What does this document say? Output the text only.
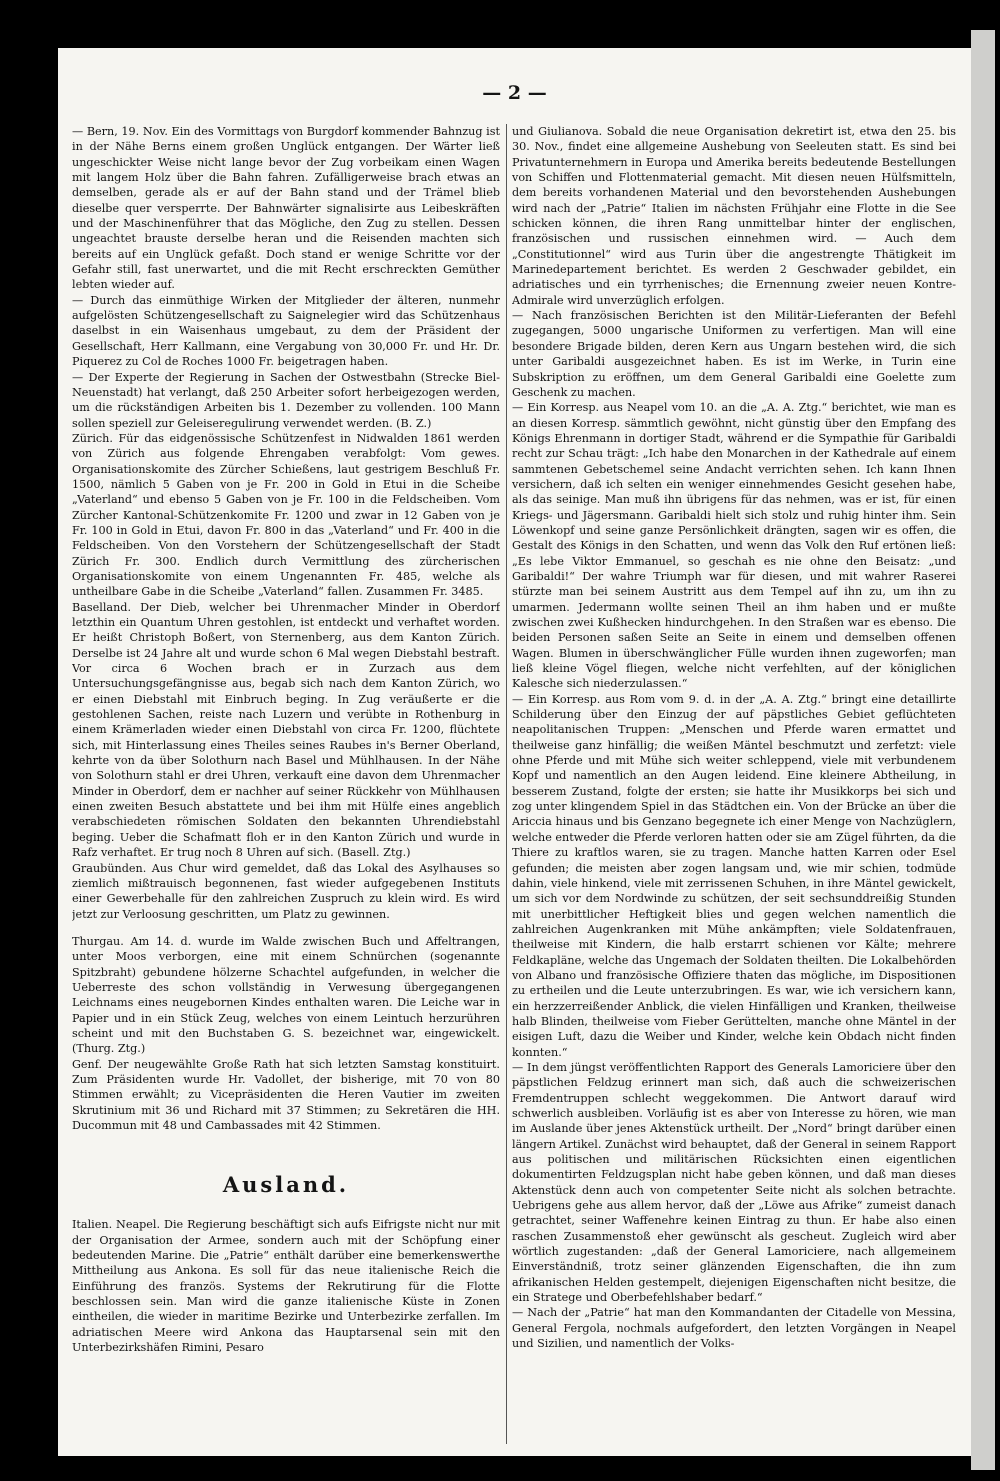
— 2 —

— Bern, 19. Nov. Ein des Vormittags von Burgdorf kommender Bahnzug ist in der Nähe Berns einem großen Unglück entgangen. Der Wärter ließ ungeschickter Weise nicht lange bevor der Zug vorbeikam einen Wagen mit langem Holz über die Bahn fahren. Zufälligerweise brach etwas an demselben, gerade als er auf der Bahn stand und der Trämel blieb dieselbe quer versperrte. Der Bahnwärter signalisirte aus Leibeskräften und der Maschinenführer that das Mögliche, den Zug zu stellen. Dessen ungeachtet brauste derselbe heran und die Reisenden machten sich bereits auf ein Unglück gefaßt. Doch stand er wenige Schritte vor der Gefahr still, fast unerwartet, und die mit Recht erschreckten Gemüther lebten wieder auf.

— Durch das einmüthige Wirken der Mitglieder der älteren, nunmehr aufgelösten Schützengesellschaft zu Saignelegier wird das Schützenhaus daselbst in ein Waisenhaus umgebaut, zu dem der Präsident der Gesellschaft, Herr Kallmann, eine Vergabung von 30,000 Fr. und Hr. Dr. Piquerez zu Col de Roches 1000 Fr. beigetragen haben.

— Der Experte der Regierung in Sachen der Ostwestbahn (Strecke Biel-Neuenstadt) hat verlangt, daß 250 Arbeiter sofort herbeigezogen werden, um die rückständigen Arbeiten bis 1. Dezember zu vollenden. 100 Mann sollen speziell zur Geleiseregulirung verwendet werden. (B. Z.)

Zürich. Für das eidgenössische Schützenfest in Nidwalden 1861 werden von Zürich aus folgende Ehrengaben verabfolgt: Vom gewes. Organisationskomite des Zürcher Schießens, laut gestrigem Beschluß Fr. 1500, nämlich 5 Gaben von je Fr. 200 in Gold in Etui in die Scheibe „Vaterland“ und ebenso 5 Gaben von je Fr. 100 in die Feldscheiben. Vom Zürcher Kantonal-Schützenkomite Fr. 1200 und zwar in 12 Gaben von je Fr. 100 in Gold in Etui, davon Fr. 800 in das „Vaterland“ und Fr. 400 in die Feldscheiben. Von den Vorstehern der Schützengesellschaft der Stadt Zürich Fr. 300. Endlich durch Vermittlung des zürcherischen Organisationskomite von einem Ungenannten Fr. 485, welche als untheilbare Gabe in die Scheibe „Vaterland“ fallen. Zusammen Fr. 3485.

Baselland. Der Dieb, welcher bei Uhrenmacher Minder in Oberdorf letzthin ein Quantum Uhren gestohlen, ist entdeckt und verhaftet worden. Er heißt Christoph Boßert, von Sternenberg, aus dem Kanton Zürich. Derselbe ist 24 Jahre alt und wurde schon 6 Mal wegen Diebstahl bestraft. Vor circa 6 Wochen brach er in Zurzach aus dem Untersuchungsgefängnisse aus, begab sich nach dem Kanton Zürich, wo er einen Diebstahl mit Einbruch beging. In Zug veräußerte er die gestohlenen Sachen, reiste nach Luzern und verübte in Rothenburg in einem Krämerladen wieder einen Diebstahl von circa Fr. 1200, flüchtete sich, mit Hinterlassung eines Theiles seines Raubes in's Berner Oberland, kehrte von da über Solothurn nach Basel und Mühlhausen. In der Nähe von Solothurn stahl er drei Uhren, verkauft eine davon dem Uhrenmacher Minder in Oberdorf, dem er nachher auf seiner Rückkehr von Mühlhausen einen zweiten Besuch abstattete und bei ihm mit Hülfe eines angeblich verabschiedeten römischen Soldaten den bekannten Uhrendiebstahl beging. Ueber die Schafmatt floh er in den Kanton Zürich und wurde in Rafz verhaftet. Er trug noch 8 Uhren auf sich. (Basell. Ztg.)

Graubünden. Aus Chur wird gemeldet, daß das Lokal des Asylhauses so ziemlich mißtrauisch begonnenen, fast wieder aufgegebenen Instituts einer Gewerbehalle für den zahlreichen Zuspruch zu klein wird. Es wird jetzt zur Verloosung geschritten, um Platz zu gewinnen.

Thurgau. Am 14. d. wurde im Walde zwischen Buch und Affeltrangen, unter Moos verborgen, eine mit einem Schnürchen (sogenannte Spitzbraht) gebundene hölzerne Schachtel aufgefunden, in welcher die Ueberreste des schon vollständig in Verwesung übergegangenen Leichnams eines neugebornen Kindes enthalten waren. Die Leiche war in Papier und in ein Stück Zeug, welches von einem Leintuch herzurühren scheint und mit den Buchstaben G. S. bezeichnet war, eingewickelt. (Thurg. Ztg.)

Genf. Der neugewählte Große Rath hat sich letzten Samstag konstituirt. Zum Präsidenten wurde Hr. Vadollet, der bisherige, mit 70 von 80 Stimmen erwählt; zu Vicepräsidenten die Heren Vautier im zweiten Skrutinium mit 36 und Richard mit 37 Stimmen; zu Sekretären die HH. Ducommun mit 48 und Cambassades mit 42 Stimmen.

Ausland.

Italien. Neapel. Die Regierung beschäftigt sich aufs Eifrigste nicht nur mit der Organisation der Armee, sondern auch mit der Schöpfung einer bedeutenden Marine. Die „Patrie“ enthält darüber eine bemerkenswerthe Mittheilung aus Ankona. Es soll für das neue italienische Reich die Einführung des französ. Systems der Rekrutirung für die Flotte beschlossen sein. Man wird die ganze italienische Küste in Zonen eintheilen, die wieder in maritime Bezirke und Unterbezirke zerfallen. Im adriatischen Meere wird Ankona das Hauptarsenal sein mit den Unterbezirkshäfen Rimini, Pesaro

und Giulianova. Sobald die neue Organisation dekretirt ist, etwa den 25. bis 30. Nov., findet eine allgemeine Aushebung von Seeleuten statt. Es sind bei Privatunternehmern in Europa und Amerika bereits bedeutende Bestellungen von Schiffen und Flottenmaterial gemacht. Mit diesen neuen Hülfsmitteln, dem bereits vorhandenen Material und den bevorstehenden Aushebungen wird nach der „Patrie“ Italien im nächsten Frühjahr eine Flotte in die See schicken können, die ihren Rang unmittelbar hinter der englischen, französischen und russischen einnehmen wird. — Auch dem „Constitutionnel“ wird aus Turin über die angestrengte Thätigkeit im Marinedepartement berichtet. Es werden 2 Geschwader gebildet, ein adriatisches und ein tyrrhenisches; die Ernennung zweier neuen Kontre-Admirale wird unverzüglich erfolgen.

— Nach französischen Berichten ist den Militär-Lieferanten der Befehl zugegangen, 5000 ungarische Uniformen zu verfertigen. Man will eine besondere Brigade bilden, deren Kern aus Ungarn bestehen wird, die sich unter Garibaldi ausgezeichnet haben. Es ist im Werke, in Turin eine Subskription zu eröffnen, um dem General Garibaldi eine Goelette zum Geschenk zu machen.

— Ein Korresp. aus Neapel vom 10. an die „A. A. Ztg.“ berichtet, wie man es an diesen Korresp. sämmtlich gewöhnt, nicht günstig über den Empfang des Königs Ehrenmann in dortiger Stadt, während er die Sympathie für Garibaldi recht zur Schau trägt: „Ich habe den Monarchen in der Kathedrale auf einem sammtenen Gebetschemel seine Andacht verrichten sehen. Ich kann Ihnen versichern, daß ich selten ein weniger einnehmendes Gesicht gesehen habe, als das seinige. Man muß ihn übrigens für das nehmen, was er ist, für einen Kriegs- und Jägersmann. Garibaldi hielt sich stolz und ruhig hinter ihm. Sein Löwenkopf und seine ganze Persönlichkeit drängten, sagen wir es offen, die Gestalt des Königs in den Schatten, und wenn das Volk den Ruf ertönen ließ: „Es lebe Viktor Emmanuel, so geschah es nie ohne den Beisatz: „und Garibaldi!“ Der wahre Triumph war für diesen, und mit wahrer Raserei stürzte man bei seinem Austritt aus dem Tempel auf ihn zu, um ihn zu umarmen. Jedermann wollte seinen Theil an ihm haben und er mußte zwischen zwei Kußhecken hindurchgehen. In den Straßen war es ebenso. Die beiden Personen saßen Seite an Seite in einem und demselben offenen Wagen. Blumen in überschwänglicher Fülle wurden ihnen zugeworfen; man ließ kleine Vögel fliegen, welche nicht verfehlten, auf der königlichen Kalesche sich niederzulassen.“

— Ein Korresp. aus Rom vom 9. d. in der „A. A. Ztg.“ bringt eine detaillirte Schilderung über den Einzug der auf päpstliches Gebiet geflüchteten neapolitanischen Truppen: „Menschen und Pferde waren ermattet und theilweise ganz hinfällig; die weißen Mäntel beschmutzt und zerfetzt: viele ohne Pferde und mit Mühe sich weiter schleppend, viele mit verbundenem Kopf und namentlich an den Augen leidend. Eine kleinere Abtheilung, in besserem Zustand, folgte der ersten; sie hatte ihr Musikkorps bei sich und zog unter klingendem Spiel in das Städtchen ein. Von der Brücke an über die Ariccia hinaus und bis Genzano begegnete ich einer Menge von Nachzüglern, welche entweder die Pferde verloren hatten oder sie am Zügel führten, da die Thiere zu kraftlos waren, sie zu tragen. Manche hatten Karren oder Esel gefunden; die meisten aber zogen langsam und, wie mir schien, todmüde dahin, viele hinkend, viele mit zerrissenen Schuhen, in ihre Mäntel gewickelt, um sich vor dem Nordwinde zu schützen, der seit sechsunddreißig Stunden mit unerbittlicher Heftigkeit blies und gegen welchen namentlich die zahlreichen Augenkranken mit Mühe ankämpften; viele Soldatenfrauen, theilweise mit Kindern, die halb erstarrt schienen vor Kälte; mehrere Feldkapläne, welche das Ungemach der Soldaten theilten. Die Lokalbehörden von Albano und französische Offiziere thaten das mögliche, im Dispositionen zu ertheilen und die Leute unterzubringen. Es war, wie ich versichern kann, ein herzzerreißender Anblick, die vielen Hinfälligen und Kranken, theilweise halb Blinden, theilweise vom Fieber Gerüttelten, manche ohne Mäntel in der eisigen Luft, dazu die Weiber und Kinder, welche kein Obdach nicht finden konnten.“

— In dem jüngst veröffentlichten Rapport des Generals Lamoriciere über den päpstlichen Feldzug erinnert man sich, daß auch die schweizerischen Fremdentruppen schlecht weggekommen. Die Antwort darauf wird schwerlich ausbleiben. Vorläufig ist es aber von Interesse zu hören, wie man im Auslande über jenes Aktenstück urtheilt. Der „Nord“ bringt darüber einen längern Artikel. Zunächst wird behauptet, daß der General in seinem Rapport aus politischen und militärischen Rücksichten einen eigentlichen dokumentirten Feldzugsplan nicht habe geben können, und daß man dieses Aktenstück denn auch von competenter Seite nicht als solchen betrachte. Uebrigens gehe aus allem hervor, daß der „Löwe aus Afrike“ zumeist danach getrachtet, seiner Waffenehre keinen Eintrag zu thun. Er habe also einen raschen Zusammenstoß eher gewünscht als gescheut. Zugleich wird aber wörtlich zugestanden: „daß der General Lamoriciere, nach allgemeinem Einverständniß, trotz seiner glänzenden Eigenschaften, die ihn zum afrikanischen Helden gestempelt, diejenigen Eigenschaften nicht besitze, die ein Stratege und Oberbefehlshaber bedarf.“

— Nach der „Patrie“ hat man den Kommandanten der Citadelle von Messina, General Fergola, nochmals aufgefordert, den letzten Vorgängen in Neapel und Sizilien, und namentlich der Volks-
